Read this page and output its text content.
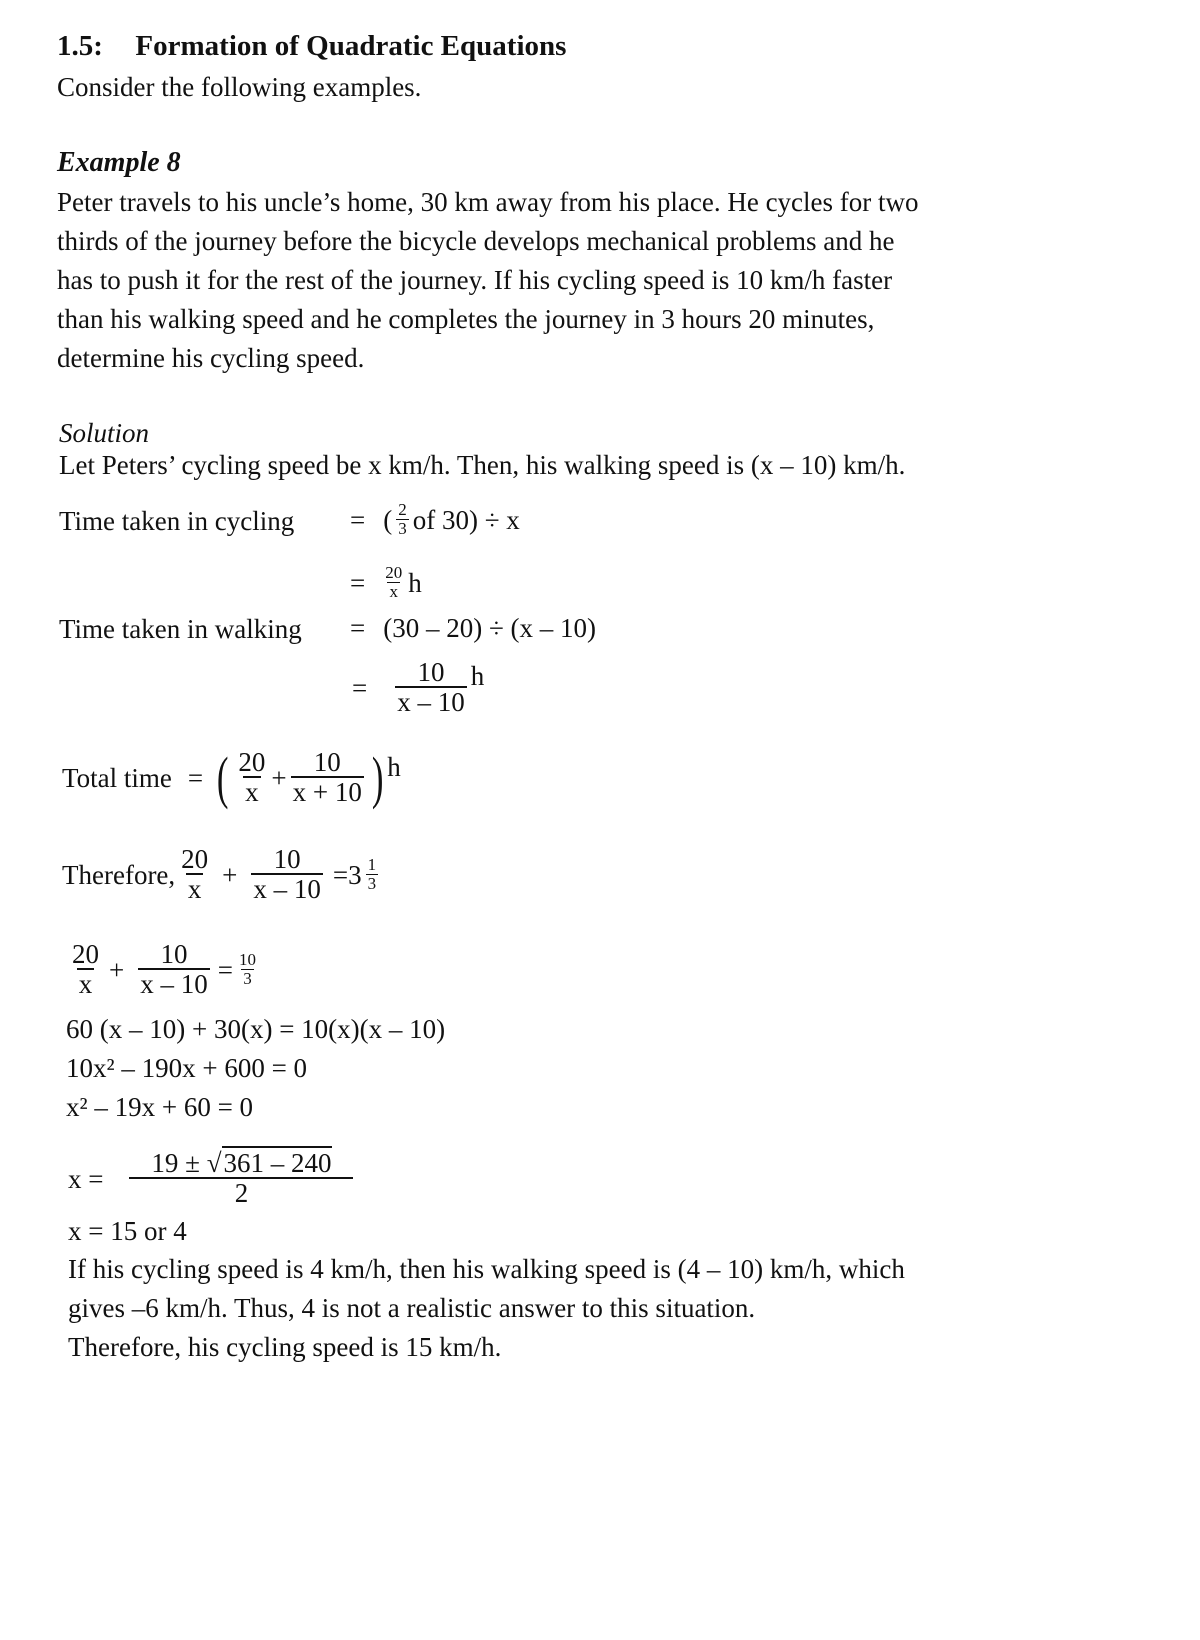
1.5: Formation of Quadratic Equations
Consider the following examples.
Example 8
Peter travels to his uncle’s home, 30 km away from his place. He cycles for two
thirds of the journey before the bicycle develops mechanical problems and he
has to push it for the rest of the journey. If his cycling speed is 10 km/h faster
than his walking speed and he completes the journey in 3 hours 20 minutes,
determine his cycling speed.
Solution
Let Peters’ cycling speed be x km/h. Then, his walking speed is (x – 10) km/h.
Time taken in cycling = ( $\frac{2}{3}$ of 30) ÷ x
= $\frac{20}{x}$ h
Time taken in walking = (30 – 20) ÷ (x – 10)
= $\frac{10}{x - 10}$ h
Total time = ( $\frac{20}{x} + \frac{10}{x + 10}$ ) h
Therefore, $\frac{20}{x} + \frac{10}{x - 10} = 3 \frac{1}{3}$
$\frac{20}{x} + \frac{10}{x - 10} = \frac{10}{3}$
60 (x – 10) + 30(x) = 10(x)(x – 10)
10x² – 190x + 600 = 0
x² – 19x + 60 = 0
$x = \frac{19 \pm √361 - 240}{2}$
x = 15 or 4
If his cycling speed is 4 km/h, then his walking speed is (4 – 10) km/h, which
gives –6 km/h. Thus, 4 is not a realistic answer to this situation.
Therefore, his cycling speed is 15 km/h.
